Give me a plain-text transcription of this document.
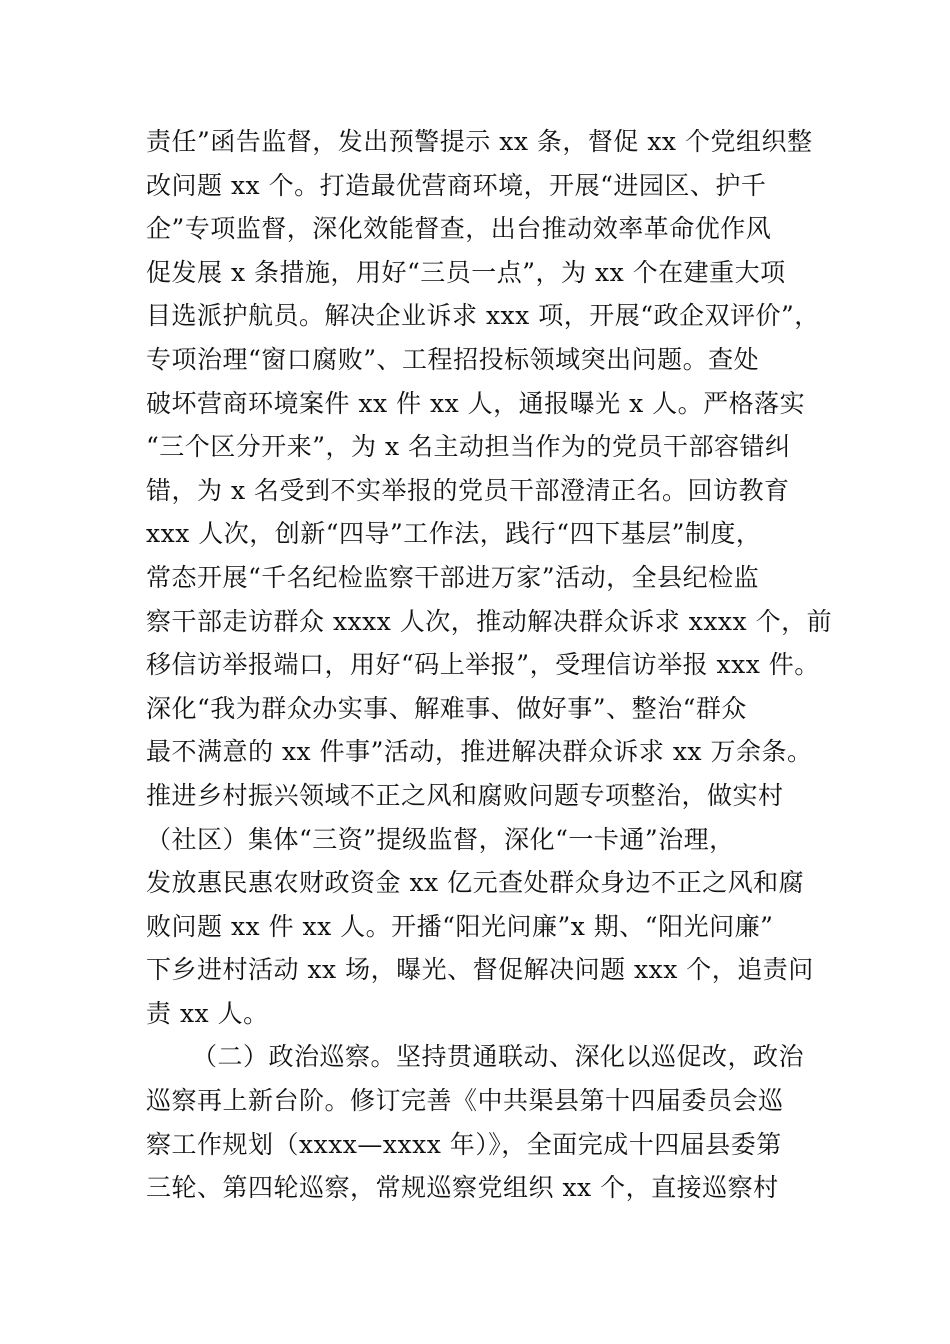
责任”函告监督，发出预警提示 xx 条，督促 xx 个党组织整
改问题 xx 个。打造最优营商环境，开展“进园区、护千
企”专项监督，深化效能督查，出台推动效率革命优作风
促发展 x 条措施，用好“三员一点”，为 xx 个在建重大项
目选派护航员。解决企业诉求 xxx 项，开展“政企双评价”，
专项治理“窗口腐败”、工程招投标领域突出问题。查处
破坏营商环境案件 xx 件 xx 人，通报曝光 x 人。严格落实
“三个区分开来”，为 x 名主动担当作为的党员干部容错纠
错，为 x 名受到不实举报的党员干部澄清正名。回访教育
xxx 人次，创新“四导”工作法，践行“四下基层”制度，
常态开展“千名纪检监察干部进万家”活动，全县纪检监
察干部走访群众 xxxx 人次，推动解决群众诉求 xxxx 个，前
移信访举报端口，用好“码上举报”，受理信访举报 xxx 件。
深化“我为群众办实事、解难事、做好事”、整治“群众
最不满意的 xx 件事”活动，推进解决群众诉求 xx 万余条。
推进乡村振兴领域不正之风和腐败问题专项整治，做实村
（社区）集体“三资”提级监督，深化“一卡通”治理，
发放惠民惠农财政资金 xx 亿元查处群众身边不正之风和腐
败问题 xx 件 xx 人。开播“阳光问廉”x 期、“阳光问廉”
下乡进村活动 xx 场，曝光、督促解决问题 xxx 个，追责问
责 xx 人。
（二）政治巡察。坚持贯通联动、深化以巡促改，政治
巡察再上新台阶。修订完善《中共渠县第十四届委员会巡
察工作规划（xxxx—xxxx 年）》，全面完成十四届县委第
三轮、第四轮巡察，常规巡察党组织 xx 个，直接巡察村
